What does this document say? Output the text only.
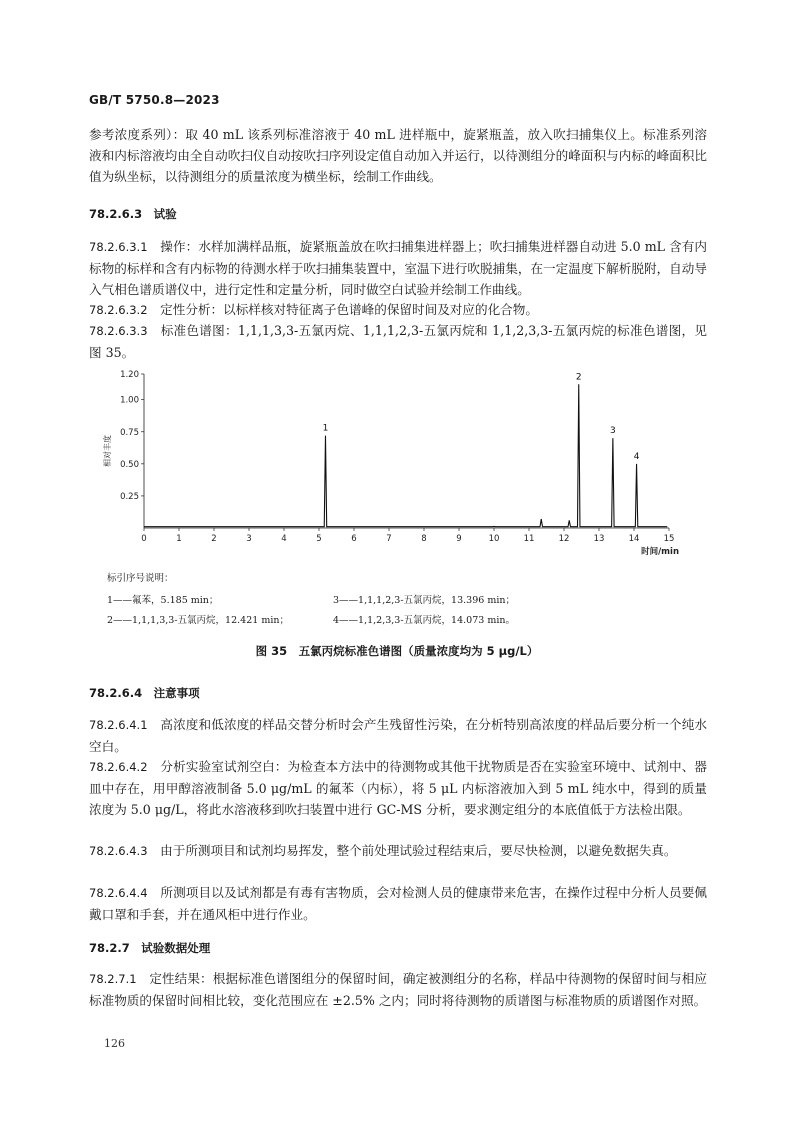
GB/T 5750.8—2023

参考浓度系列）：取 40 mL 该系列标准溶液于 40 mL 进样瓶中，旋紧瓶盖，放入吹扫捕集仪上。标准系列溶液和内标溶液均由全自动吹扫仪自动按吹扫序列设定值自动加入并运行，以待测组分的峰面积与内标的峰面积比值为纵坐标，以待测组分的质量浓度为横坐标，绘制工作曲线。

78.2.6.3　 试验

78.2.6.3.1　 操作：水样加满样品瓶，旋紧瓶盖放在吹扫捕集进样器上；吹扫捕集进样器自动进 5.0 mL 含有内标物的标样和含有内标物的待测水样于吹扫捕集装置中，室温下进行吹脱捕集，在一定温度下解析脱附，自动导入气相色谱质谱仪中，进行定性和定量分析，同时做空白试验并绘制工作曲线。

78.2.6.3.2　 定性分析：以标样核对特征离子色谱峰的保留时间及对应的化合物。

78.2.6.3.3　 标准色谱图：1,1,1,3,3-五氯丙烷、1,1,1,2,3-五氯丙烷和 1,1,2,3,3-五氯丙烷的标准色谱图，见图 35。

0	1	2	3	4	5	6	7	8	9	10	11	12	13	14	15
0.25
0.50
0.75
1.00
1.20
相对丰度
时间/min
1
2
3
4
标引序号说明：
1——氟苯，5.185 min；
2——1,1,1,3,3-五氯丙烷，12.421 min；
3——1,1,1,2,3-五氯丙烷，13.396 min；
4——1,1,2,3,3-五氯丙烷，14.073 min。
图 35　五氯丙烷标准色谱图（质量浓度均为 5 μg/L）
78.2.6.4　 注意事项

78.2.6.4.1　 高浓度和低浓度的样品交替分析时会产生残留性污染，在分析特别高浓度的样品后要分析一个纯水空白。

78.2.6.4.2　 分析实验室试剂空白：为检查本方法中的待测物或其他干扰物质是否在实验室环境中、试剂中、器皿中存在，用甲醇溶液制备 5.0 μg/mL 的氟苯（内标），将 5 μL 内标溶液加入到 5 mL 纯水中，得到的质量浓度为 5.0 μg/L，将此水溶液移到吹扫装置中进行 GC-MS 分析，要求测定组分的本底值低于方法检出限。

78.2.6.4.3　 由于所测项目和试剂均易挥发，整个前处理试验过程结束后，要尽快检测，以避免数据失真。

78.2.6.4.4　 所测项目以及试剂都是有毒有害物质，会对检测人员的健康带来危害，在操作过程中分析人员要佩戴口罩和手套，并在通风柜中进行作业。

78.2.7　 试验数据处理

78.2.7.1　 定性结果：根据标准色谱图组分的保留时间，确定被测组分的名称，样品中待测物的保留时间与相应标准物质的保留时间相比较，变化范围应在 ±2.5% 之内；同时将待测物的质谱图与标准物质的质谱图作对照。

126
